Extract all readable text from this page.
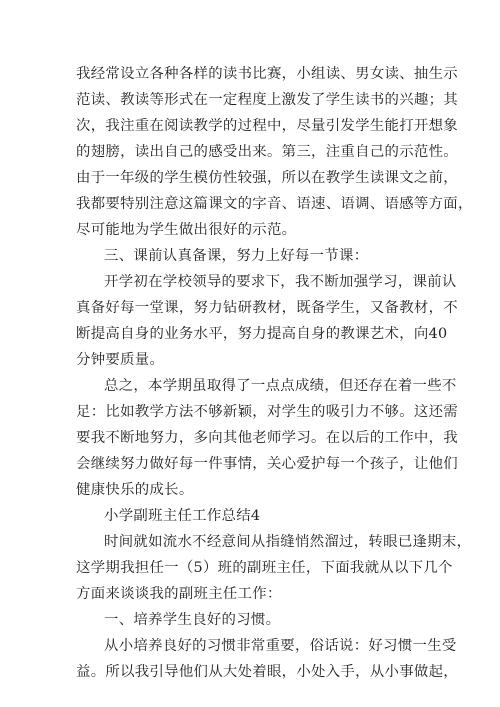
我经常设立各种各样的读书比赛，小组读、男女读、抽生示
范读、教读等形式在一定程度上激发了学生读书的兴趣；其
次，我注重在阅读教学的过程中，尽量引发学生能打开想象
的翅膀，读出自己的感受出来。第三，注重自己的示范性。
由于一年级的学生模仿性较强，所以在教学生读课文之前，
我都要特别注意这篇课文的字音、语速、语调、语感等方面，
尽可能地为学生做出很好的示范。
三、课前认真备课，努力上好每一节课：
开学初在学校领导的要求下，我不断加强学习，课前认
真备好每一堂课，努力钻研教材，既备学生，又备教材，不
断提高自身的业务水平，努力提高自身的教课艺术，向40
分钟要质量。
总之，本学期虽取得了一点点成绩，但还存在着一些不
足：比如教学方法不够新颖，对学生的吸引力不够。这还需
要我不断地努力，多向其他老师学习。在以后的工作中，我
会继续努力做好每一件事情，关心爱护每一个孩子，让他们
健康快乐的成长。
小学副班主任工作总结4
时间就如流水不经意间从指缝悄然溜过，转眼已逢期末，
这学期我担任一（5）班的副班主任，下面我就从以下几个
方面来谈谈我的副班主任工作：
一、培养学生良好的习惯。
从小培养良好的习惯非常重要，俗话说：好习惯一生受
益。所以我引导他们从大处着眼，小处入手，从小事做起，
